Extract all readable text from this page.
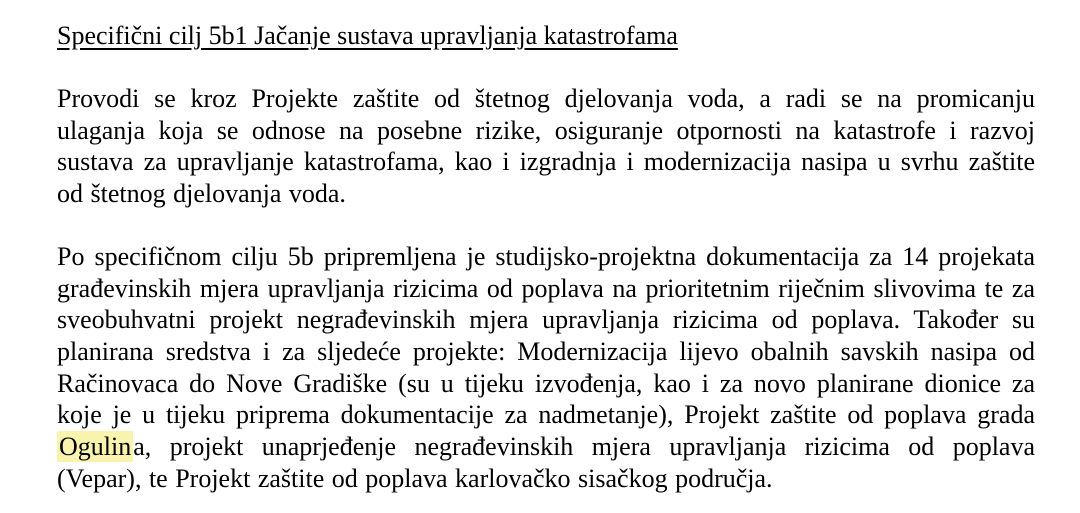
Specifični cilj 5b1 Jačanje sustava upravljanja katastrofama

Provodi se kroz Projekte zaštite od štetnog djelovanja voda, a radi se na promicanju ulaganja koja se odnose na posebne rizike, osiguranje otpornosti na katastrofe i razvoj sustava za upravljanje katastrofama, kao i izgradnja i modernizacija nasipa u svrhu zaštite od štetnog djelovanja voda.

Po specifičnom cilju 5b pripremljena je studijsko-projektna dokumentacija za 14 projekata građevinskih mjera upravljanja rizicima od poplava na prioritetnim riječnim slivovima te za sveobuhvatni projekt negrađevinskih mjera upravljanja rizicima od poplava. Također su planirana sredstva i za sljedeće projekte: Modernizacija lijevo obalnih savskih nasipa od Račinovaca do Nove Gradiške (su u tijeku izvođenja, kao i za novo planirane dionice za koje je u tijeku priprema dokumentacije za nadmetanje), Projekt zaštite od poplava grada Ogulina, projekt unaprjeđenje negrađevinskih mjera upravljanja rizicima od poplava (Vepar), te Projekt zaštite od poplava karlovačko sisačkog područja.
